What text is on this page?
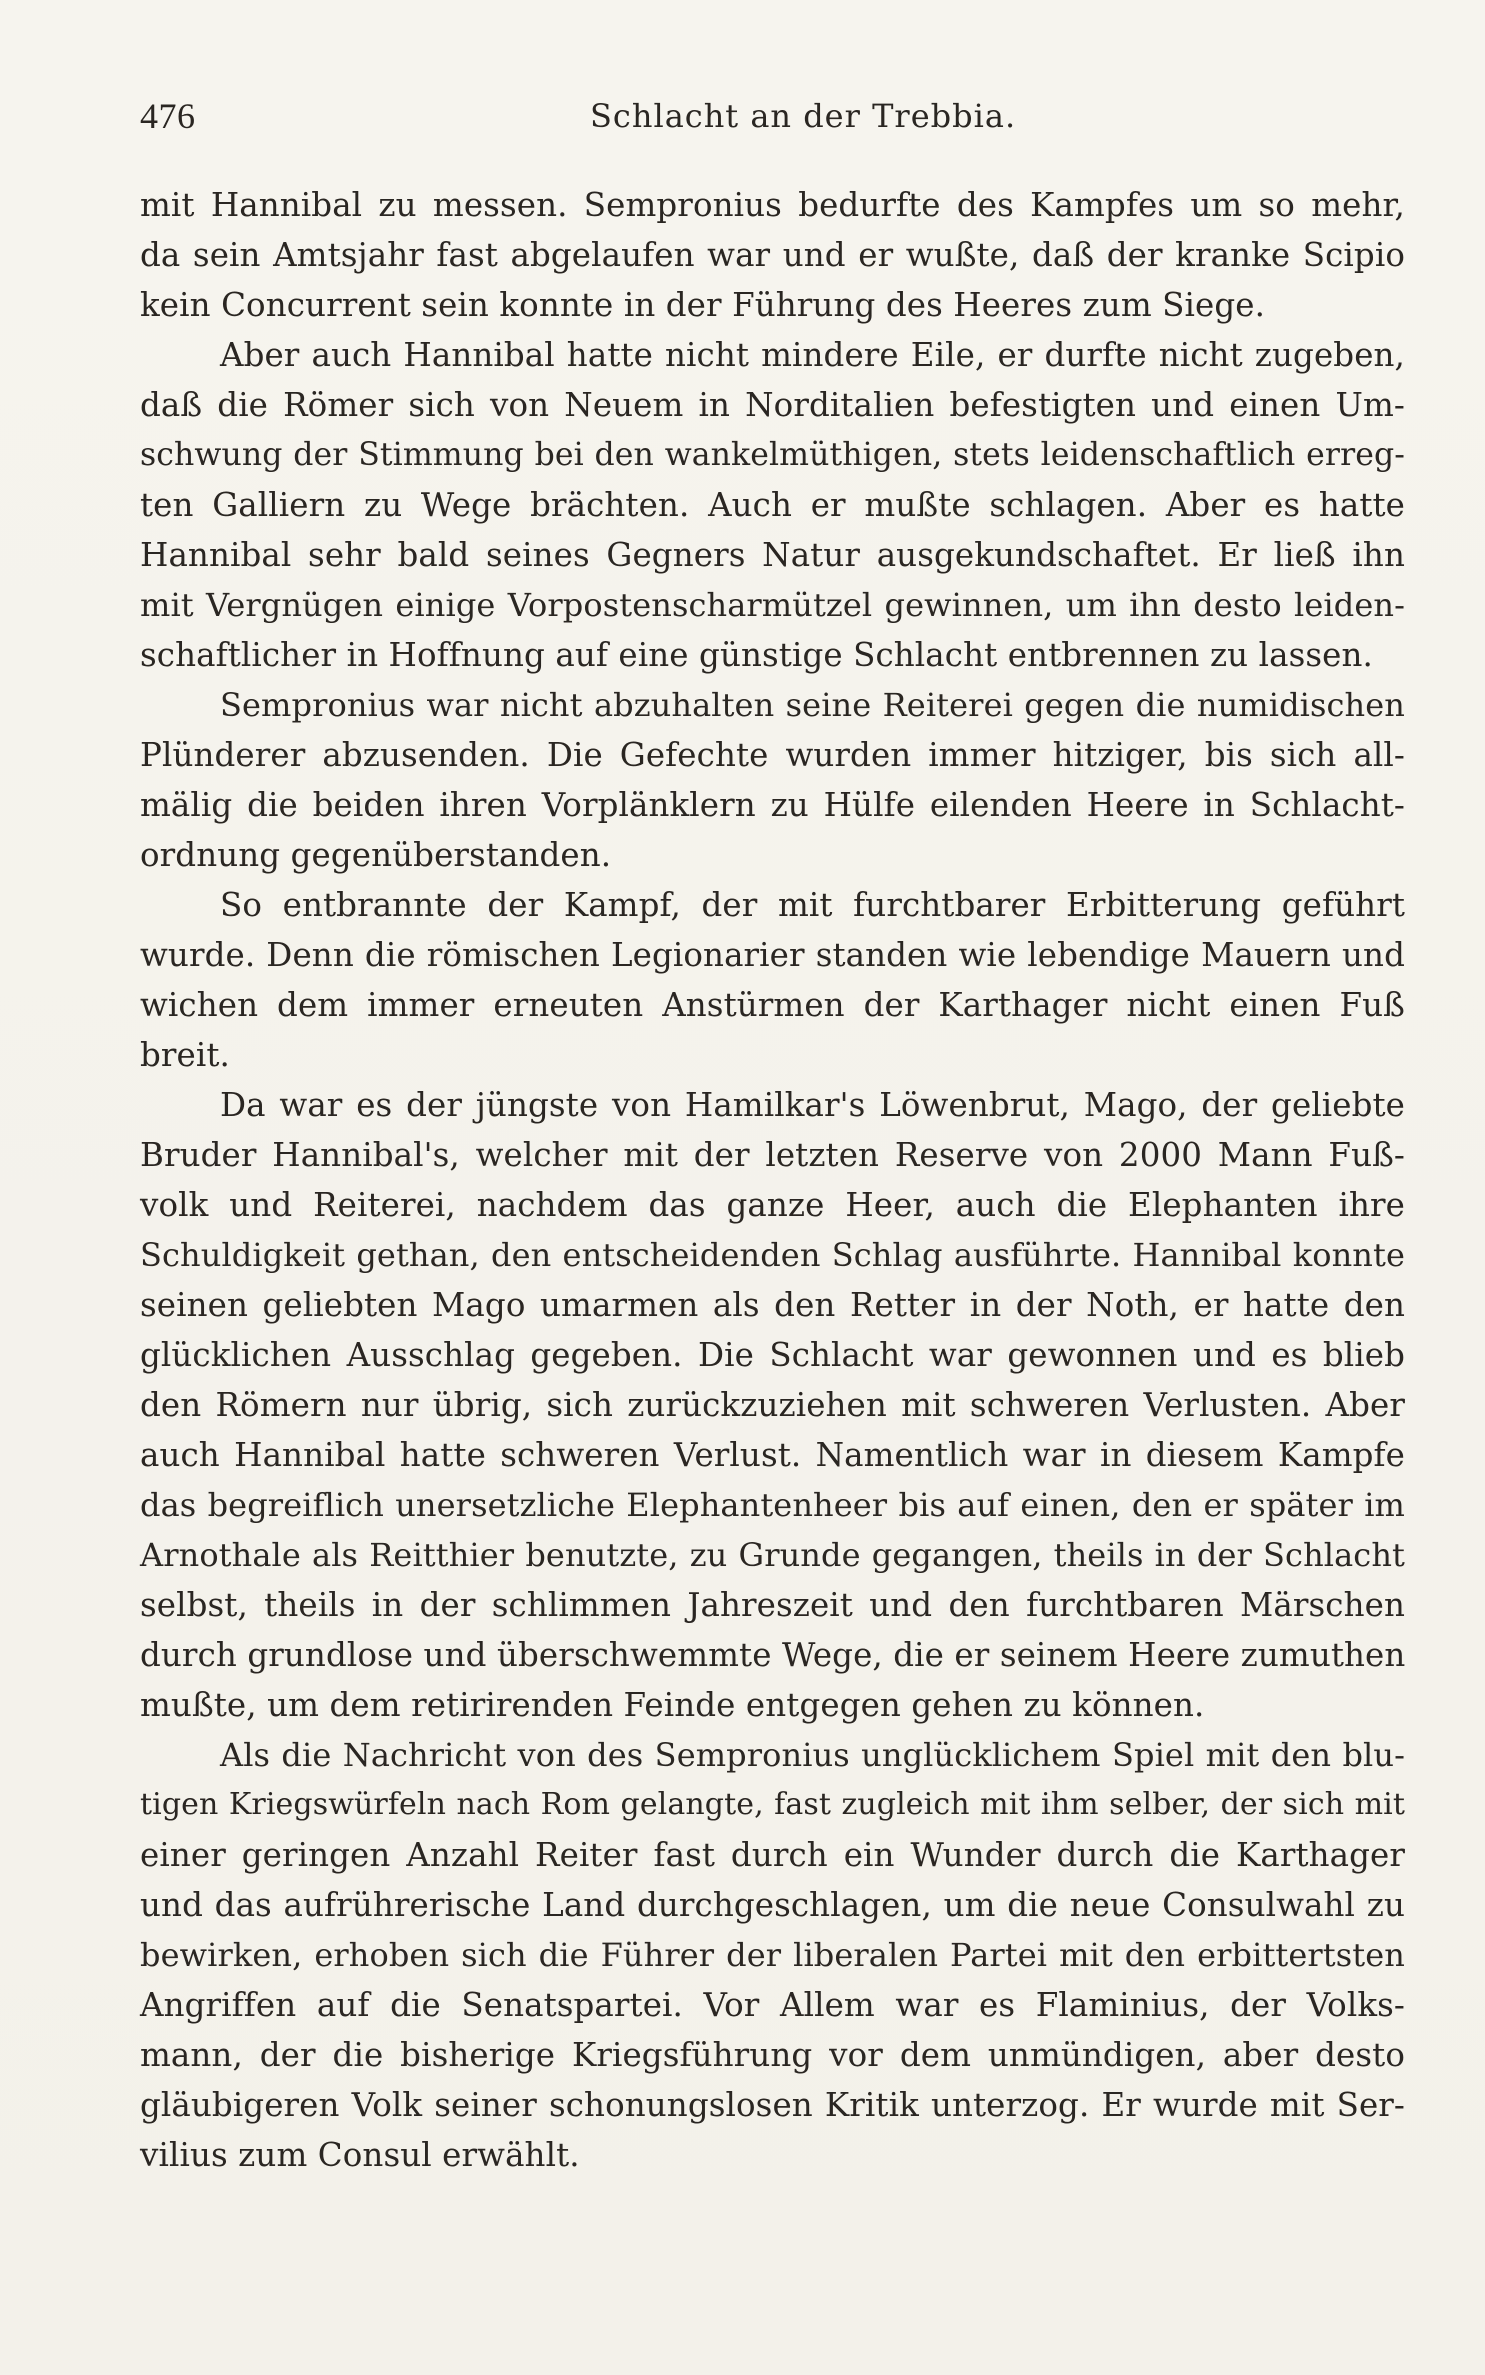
476	Schlacht an der Trebbia.
mit Hannibal zu messen. Sempronius bedurfte des Kampfes um so mehr,
da sein Amtsjahr fast abgelaufen war und er wußte, daß der kranke Scipio
kein Concurrent sein konnte in der Führung des Heeres zum Siege.
Aber auch Hannibal hatte nicht mindere Eile, er durfte nicht zugeben,
daß die Römer sich von Neuem in Norditalien befestigten und einen Um-
schwung der Stimmung bei den wankelmüthigen, stets leidenschaftlich erreg-
ten Galliern zu Wege brächten. Auch er mußte schlagen. Aber es hatte
Hannibal sehr bald seines Gegners Natur ausgekundschaftet. Er ließ ihn
mit Vergnügen einige Vorpostenscharmützel gewinnen, um ihn desto leiden-
schaftlicher in Hoffnung auf eine günstige Schlacht entbrennen zu lassen.
Sempronius war nicht abzuhalten seine Reiterei gegen die numidischen
Plünderer abzusenden. Die Gefechte wurden immer hitziger, bis sich all-
mälig die beiden ihren Vorplänklern zu Hülfe eilenden Heere in Schlacht-
ordnung gegenüberstanden.
So entbrannte der Kampf, der mit furchtbarer Erbitterung geführt
wurde. Denn die römischen Legionarier standen wie lebendige Mauern und
wichen dem immer erneuten Anstürmen der Karthager nicht einen Fuß
breit.
Da war es der jüngste von Hamilkar's Löwenbrut, Mago, der geliebte
Bruder Hannibal's, welcher mit der letzten Reserve von 2000 Mann Fuß-
volk und Reiterei, nachdem das ganze Heer, auch die Elephanten ihre
Schuldigkeit gethan, den entscheidenden Schlag ausführte. Hannibal konnte
seinen geliebten Mago umarmen als den Retter in der Noth, er hatte den
glücklichen Ausschlag gegeben. Die Schlacht war gewonnen und es blieb
den Römern nur übrig, sich zurückzuziehen mit schweren Verlusten. Aber
auch Hannibal hatte schweren Verlust. Namentlich war in diesem Kampfe
das begreiflich unersetzliche Elephantenheer bis auf einen, den er später im
Arnothale als Reitthier benutzte, zu Grunde gegangen, theils in der Schlacht
selbst, theils in der schlimmen Jahreszeit und den furchtbaren Märschen
durch grundlose und überschwemmte Wege, die er seinem Heere zumuthen
mußte, um dem retirirenden Feinde entgegen gehen zu können.
Als die Nachricht von des Sempronius unglücklichem Spiel mit den blu-
tigen Kriegswürfeln nach Rom gelangte, fast zugleich mit ihm selber, der sich mit
einer geringen Anzahl Reiter fast durch ein Wunder durch die Karthager
und das aufrührerische Land durchgeschlagen, um die neue Consulwahl zu
bewirken, erhoben sich die Führer der liberalen Partei mit den erbittertsten
Angriffen auf die Senatspartei. Vor Allem war es Flaminius, der Volks-
mann, der die bisherige Kriegsführung vor dem unmündigen, aber desto
gläubigeren Volk seiner schonungslosen Kritik unterzog. Er wurde mit Ser-
vilius zum Consul erwählt.
